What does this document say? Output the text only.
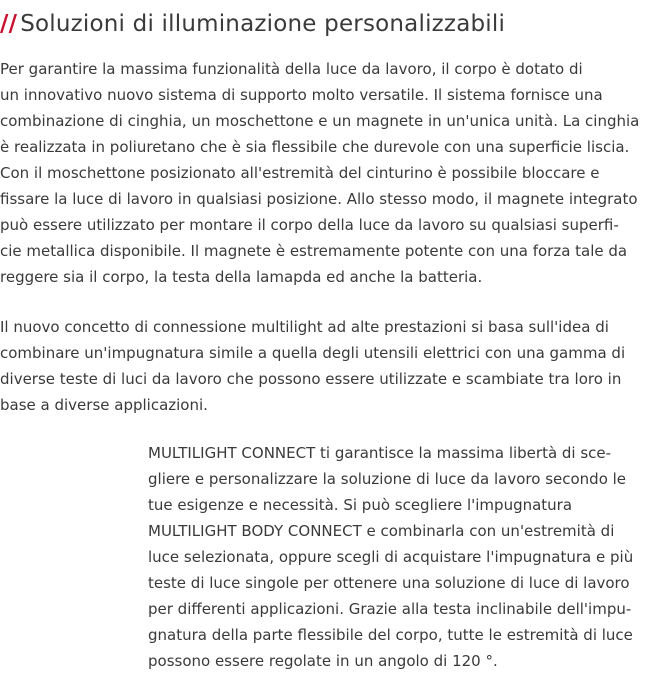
// Soluzioni di illuminazione personalizzabili

Per garantire la massima funzionalità della luce da lavoro, il corpo è dotato di
un innovativo nuovo sistema di supporto molto versatile. Il sistema fornisce una
combinazione di cinghia, un moschettone e un magnete in un'unica unità. La cinghia
è realizzata in poliuretano che è sia flessibile che durevole con una superficie liscia.
Con il moschettone posizionato all'estremità del cinturino è possibile bloccare e
fissare la luce di lavoro in qualsiasi posizione. Allo stesso modo, il magnete integrato
può essere utilizzato per montare il corpo della luce da lavoro su qualsiasi superfi-
cie metallica disponibile. Il magnete è estremamente potente con una forza tale da
reggere sia il corpo, la testa della lamapda ed anche la batteria.

Il nuovo concetto di connessione multilight ad alte prestazioni si basa sull'idea di
combinare un'impugnatura simile a quella degli utensili elettrici con una gamma di
diverse teste di luci da lavoro che possono essere utilizzate e scambiate tra loro in
base a diverse applicazioni.

MULTILIGHT CONNECT ti garantisce la massima libertà di sce-
gliere e personalizzare la soluzione di luce da lavoro secondo le
tue esigenze e necessità. Si può scegliere l'impugnatura
MULTILIGHT BODY CONNECT e combinarla con un'estremità di
luce selezionata, oppure scegli di acquistare l'impugnatura e più
teste di luce singole per ottenere una soluzione di luce di lavoro
per differenti applicazioni. Grazie alla testa inclinabile dell'impu-
gnatura della parte flessibile del corpo, tutte le estremità di luce
possono essere regolate in un angolo di 120 °.
